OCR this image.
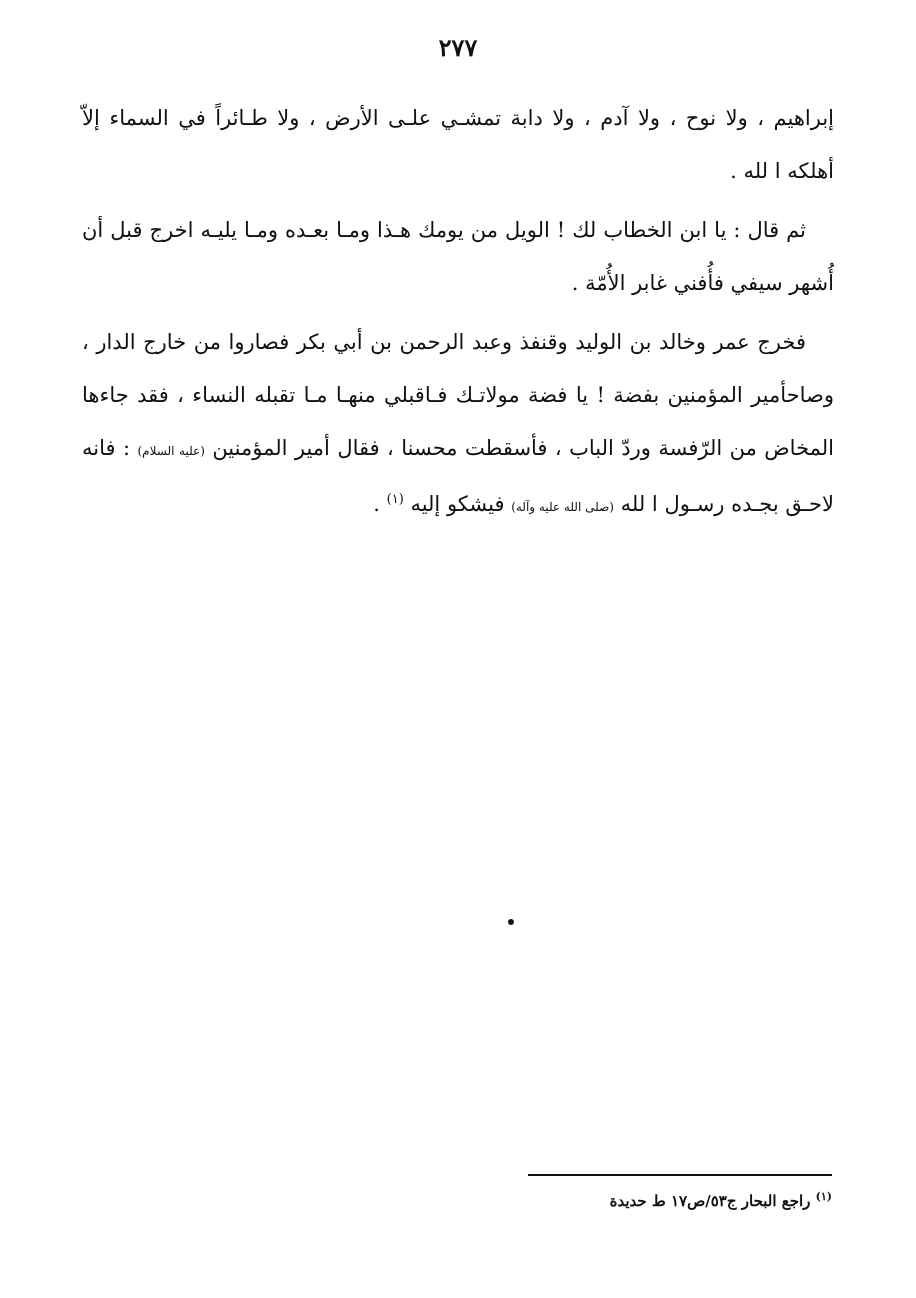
٢٧٧

إبراهيم ، ولا نوح ، ولا آدم ، ولا دابة تمشـي علـى الأرض ، ولا طـائراً في السماء إلاّ أهلكه ا لله .

ثم قال : يا ابن الخطاب لك ! الويل من يومك هـذا ومـا بعـده ومـا يليـه اخرج قبل أن أُشهر سيفي فأُفني غابر الأُمّة .

فخرج عمر وخالد بن الوليد وقنفذ وعبد الرحمن بن أبي بكر فصاروا من خارج الدار ، وصاحأمير المؤمنين بفضة ! يا فضة مولاتـك فـاقبلي منهـا مـا تقبله النساء ، فقد جاءها المخاض من الرّفسة وردّ الباب ، فأسقطت محسنا ، فقال أمير المؤمنين (عليه السلام) : فانه لاحـق بجـده رسـول ا لله (صلى الله عليه وآله) فيشكو إليه $^{(١)}$ .

$^{(١)}$ راجع البحار ج٥٣/ص١٧ ط حديدة
